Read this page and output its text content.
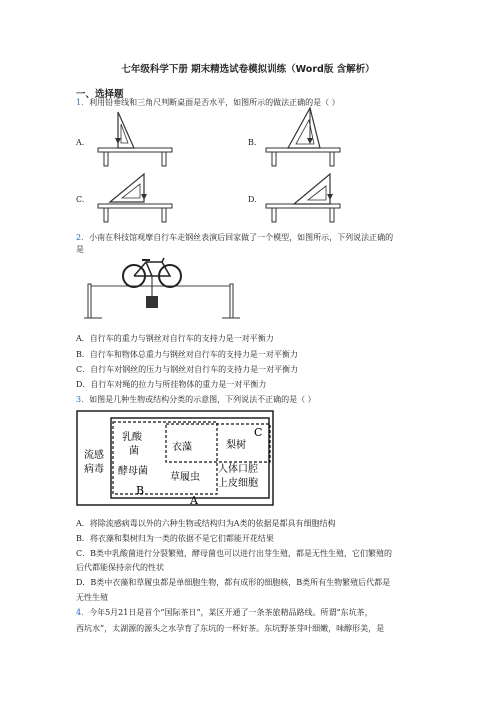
七年级科学下册 期末精选试卷模拟训练（Word版 含解析）
一、选择题
1．利用铅垂线和三角尺判断桌面是否水平，如图所示的做法正确的是（ ）
A.	B.
C.	D.
2．小南在科技馆观摩自行车走钢丝表演后回家做了一个模型，如图所示，下列说法正确的
是
A．自行车的重力与钢丝对自行车的支持力是一对平衡力
B．自行车和物体总重力与钢丝对自行车的支持力是一对平衡力
C．自行车对钢丝的压力与钢丝对自行车的支持力是一对平衡力
D．自行车对绳的拉力与所挂物体的重力是一对平衡力
3．如图是几种生物或结构分类的示意图，下列说法不正确的是（ ）
流感
病毒
乳酸
菌
酵母菌
衣藻
草履虫
梨树
人体口腔
上皮细胞
C
B
A
A．将除流感病毒以外的六种生物或结构归为A类的依据是都具有细胞结构
B．将衣藻和梨树归为一类的依据不是它们都能开花结果
C．B类中乳酸菌进行分裂繁殖，酵母菌也可以进行出芽生殖，都是无性生殖，它们繁殖的
后代都能保持亲代的性状
D．B类中衣藻和草履虫都是单细胞生物，都有成形的细胞核，B类所有生物繁殖后代都是
无性生殖
4．今年5月21日是首个“国际茶日”，某区开通了一条茶旅精品路线。所谓“东坑茶，
西坑水”，太湖源的源头之水孕育了东坑的一杯好茶。东坑野茶芽叶细嫩，味醇形美，是
